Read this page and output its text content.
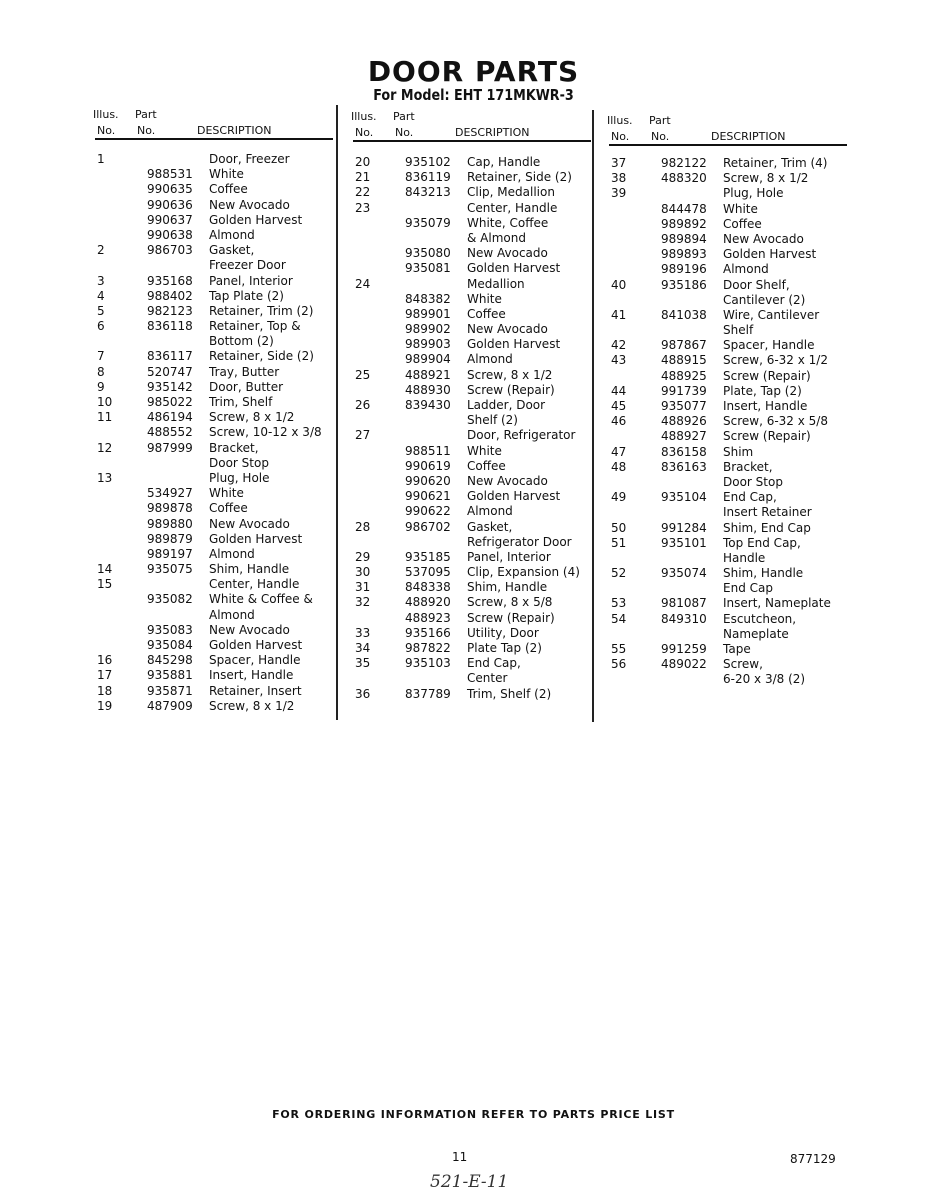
DOOR PARTS
For Model: EHT 171MKWR-3
Illus. Part
No. No.	DESCRIPTION
1	Door, Freezer
988531 White
990635 Coffee
990636 New Avocado
990637 Golden Harvest
990638 Almond
2	986703 Gasket,
Freezer Door
3	935168 Panel, Interior
4	988402 Tap Plate (2)
5	982123 Retainer, Trim (2)
6	836118 Retainer, Top &
Bottom (2)
7	836117 Retainer, Side (2)
8	520747 Tray, Butter
9	935142 Door, Butter
10	985022 Trim, Shelf
11	486194 Screw, 8 x 1/2
488552 Screw, 10-12 x 3/8
12	987999 Bracket,
Door Stop
13	Plug, Hole
534927 White
989878 Coffee
989880 New Avocado
989879 Golden Harvest
989197 Almond
14	935075 Shim, Handle
15	Center, Handle
935082 White & Coffee &
Almond
935083 New Avocado
935084 Golden Harvest
16	845298 Spacer, Handle
17	935881 Insert, Handle
18	935871 Retainer, Insert
19	487909 Screw, 8 x 1/2
Illus. Part
No. No.	DESCRIPTION
20	935102 Cap, Handle
21	836119 Retainer, Side (2)
22	843213 Clip, Medallion
23	Center, Handle
935079 White, Coffee
& Almond
935080 New Avocado
935081 Golden Harvest
24	Medallion
848382 White
989901 Coffee
989902 New Avocado
989903 Golden Harvest
989904 Almond
25	488921 Screw, 8 x 1/2
488930 Screw (Repair)
26	839430 Ladder, Door
Shelf (2)
27	Door, Refrigerator
988511 White
990619 Coffee
990620 New Avocado
990621 Golden Harvest
990622 Almond
28	986702 Gasket,
Refrigerator Door
29	935185 Panel, Interior
30	537095 Clip, Expansion (4)
31	848338 Shim, Handle
32	488920 Screw, 8 x 5/8
488923 Screw (Repair)
33	935166 Utility, Door
34	987822 Plate Tap (2)
35	935103 End Cap,
Center
36	837789 Trim, Shelf (2)
Illus. Part
No. No.	DESCRIPTION
37	982122 Retainer, Trim (4)
38	488320 Screw, 8 x 1/2
39	Plug, Hole
844478 White
989892 Coffee
989894 New Avocado
989893 Golden Harvest
989196 Almond
40	935186 Door Shelf,
Cantilever (2)
41	841038 Wire, Cantilever
Shelf
42	987867 Spacer, Handle
43	488915 Screw, 6-32 x 1/2
488925 Screw (Repair)
44	991739 Plate, Tap (2)
45	935077 Insert, Handle
46	488926 Screw, 6-32 x 5/8
488927 Screw (Repair)
47	836158 Shim
48	836163 Bracket,
Door Stop
49	935104 End Cap,
Insert Retainer
50	991284 Shim, End Cap
51	935101 Top End Cap,
Handle
52	935074 Shim, Handle
End Cap
53	981087 Insert, Nameplate
54	849310 Escutcheon,
Nameplate
55	991259 Tape
56	489022 Screw,
6-20 x 3/8 (2)
FOR ORDERING INFORMATION REFER TO PARTS PRICE LIST
11	877129
521-E-11
